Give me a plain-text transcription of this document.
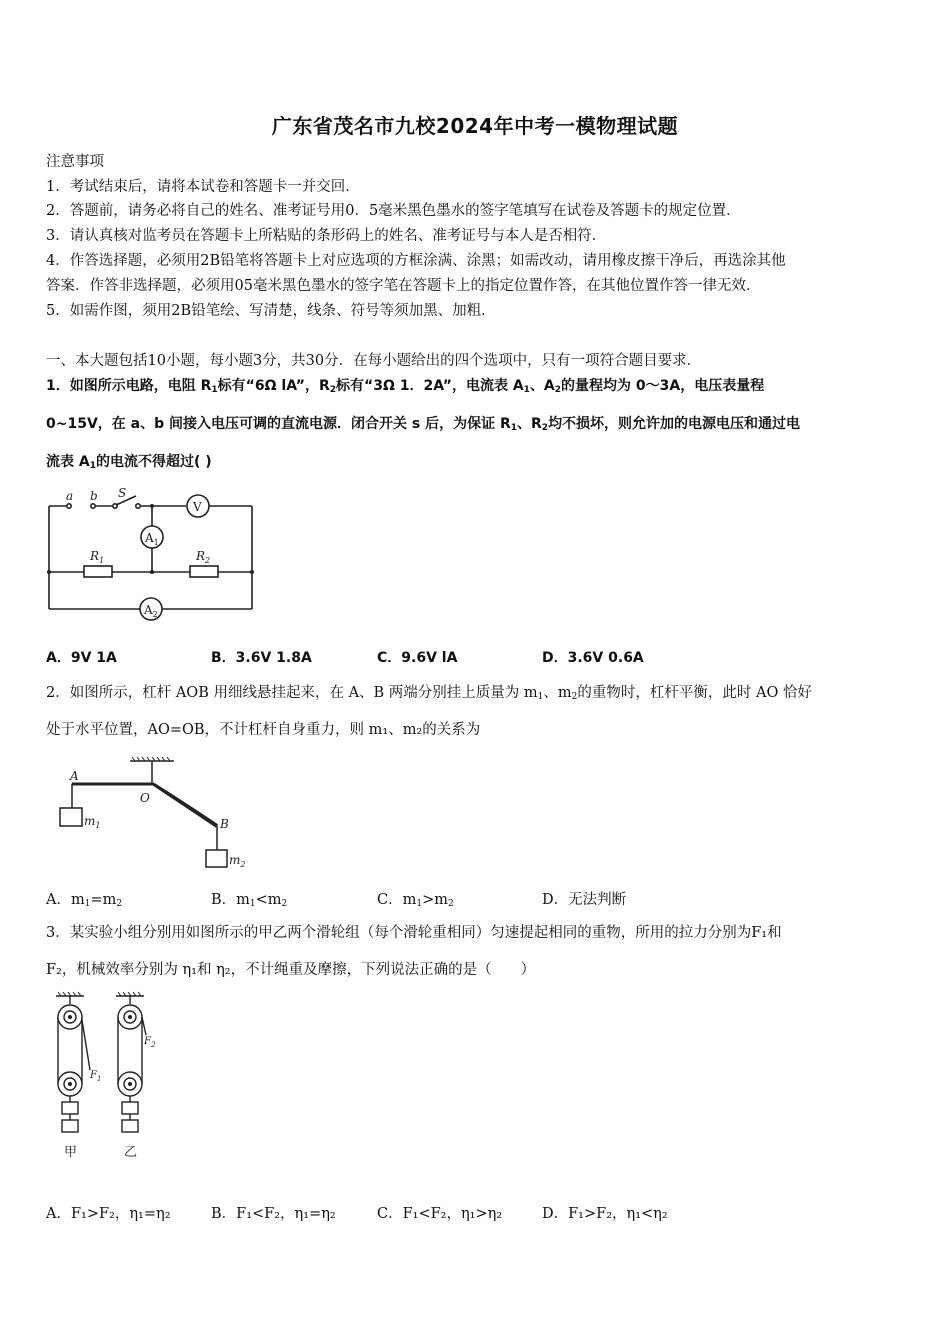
广东省茂名市九校2024年中考一模物理试题
注意事项
1．考试结束后，请将本试卷和答题卡一并交回．
2．答题前，请务必将自己的姓名、准考证号用0．5毫米黑色墨水的签字笔填写在试卷及答题卡的规定位置．
3．请认真核对监考员在答题卡上所粘贴的条形码上的姓名、准考证号与本人是否相符．
4．作答选择题，必须用2B铅笔将答题卡上对应选项的方框涂满、涂黑；如需改动，请用橡皮擦干净后，再选涂其他
答案．作答非选择题，必须用05毫米黑色墨水的签字笔在答题卡上的指定位置作答，在其他位置作答一律无效．
5．如需作图，须用2B铅笔绘、写清楚，线条、符号等须加黑、加粗．
一、本大题包括10小题，每小题3分，共30分．在每小题给出的四个选项中，只有一项符合题目要求．
1．如图所示电路，电阻 $R_1$标有“6Ω lA”，$R_2$标有“3Ω 1．2A”，电流表 $A_1$、$A_2$的量程均为 0～3A，电压表量程
0~15V，在 a、b 间接入电压可调的直流电源．闭合开关 s 后，为保证 $R_1$、$R_2$均不损坏，则允许加的电源电压和通过电
流表 $A_1$的电流不得超过( )
a b S
V
$A_1$
$A_2$
$R_1$	$R_2$
A．9V 1A	B．3.6V 1.8A	C．9.6V lA	D．3.6V 0.6A
2．如图所示，杠杆 AOB 用细线悬挂起来，在 A、B 两端分别挂上质量为 $m_1$、$m_2$的重物时，杠杆平衡，此时 AO 恰好
处于水平位置，AO=OB，不计杠杆自身重力，则 m₁、m₂的关系为
A
O
B
$m_1$
$m_2$
A．$m_1=m_2$	B．$m_1<m_2$	C．$m_1>m_2$	D．无法判断
3．某实验小组分别用如图所示的甲乙两个滑轮组（每个滑轮重相同）匀速提起相同的重物，所用的拉力分别为F₁和
F₂，机械效率分别为 η₁和 η₂，不计绳重及摩擦，下列说法正确的是（　　）
$F_1$
$F_2$
甲	乙
A．F₁>F₂，η₁=η₂	B．F₁<F₂，η₁=η₂	C．F₁<F₂，η₁>η₂	D．F₁>F₂，η₁<η₂
